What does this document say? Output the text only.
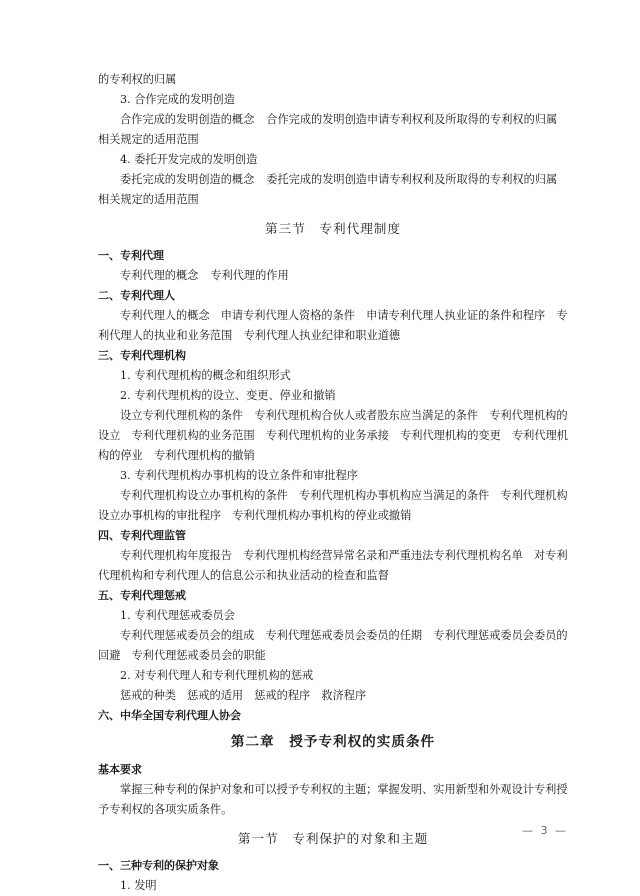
的专利权的归属

3. 合作完成的发明创造

合作完成的发明创造的概念 合作完成的发明创造申请专利权利及所取得的专利权的归属

相关规定的适用范围

4. 委托开发完成的发明创造

委托完成的发明创造的概念 委托完成的发明创造申请专利权利及所取得的专利权的归属

相关规定的适用范围

第三节　专利代理制度

一、专利代理

专利代理的概念 专利代理的作用

二、专利代理人

专利代理人的概念　申请专利代理人资格的条件　申请专利代理人执业证的条件和程序　专

利代理人的执业和业务范围　专利代理人执业纪律和职业道德

三、专利代理机构

1. 专利代理机构的概念和组织形式

2. 专利代理机构的设立、变更、停业和撤销

设立专利代理机构的条件　专利代理机构合伙人或者股东应当满足的条件　专利代理机构的

设立　专利代理机构的业务范围　专利代理机构的业务承接　专利代理机构的变更　专利代理机

构的停业　专利代理机构的撤销

3. 专利代理机构办事机构的设立条件和审批程序

专利代理机构设立办事机构的条件　专利代理机构办事机构应当满足的条件　专利代理机构

设立办事机构的审批程序　专利代理机构办事机构的停业或撤销

四、专利代理监管

专利代理机构年度报告　专利代理机构经营异常名录和严重违法专利代理机构名单　对专利

代理机构和专利代理人的信息公示和执业活动的检查和监督

五、专利代理惩戒

1. 专利代理惩戒委员会

专利代理惩戒委员会的组成　专利代理惩戒委员会委员的任期　专利代理惩戒委员会委员的

回避　专利代理惩戒委员会的职能

2. 对专利代理人和专利代理机构的惩戒

惩戒的种类　惩戒的适用　惩戒的程序　救济程序

六、中华全国专利代理人协会

第二章　授予专利权的实质条件

基本要求

掌握三种专利的保护对象和可以授予专利权的主题；掌握发明、实用新型和外观设计专利授

予专利权的各项实质条件。

第一节　专利保护的对象和主题

一、三种专利的保护对象

1. 发明

— 3 —
